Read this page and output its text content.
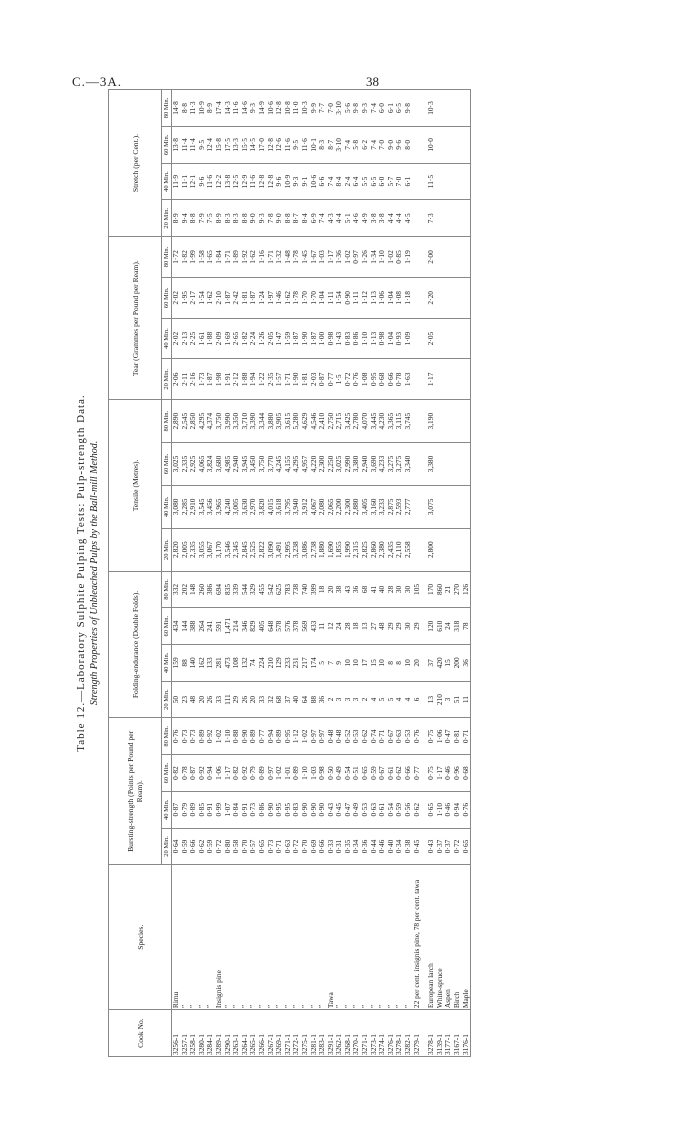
C.—3A.	38
Table 12.—Laboratory Sulphite Pulping Tests: Pulp-strength Data. Strength Properties of Unbleached Pulps by the Ball-mill Method.
Cook No.	Species.	Bursting-strength (Points per Pound per Ream).				Folding-endurance (Double Folds).				Tensile (Metres).				Tear (Grammes per Pound per Ream).				Stretch (per Cent.).			
		20 Min.	40 Min.	60 Min.	80 Min.	20 Min.	40 Min.	60 Min.	80 Min.	20 Min.	40 Min.	60 Min.	80 Min.	20 Min.	40 Min.	60 Min.	80 Min.	20 Min.	40 Min.	60 Min.	80 Min.
3256-1	Rimu	0·64	0·87	0·82	0·76	50	159	434	332	2,820	3,080	3,025	2,890	2·06	2·02	2·02	1·72	8·9	11·9	13·8	14·8
3257-1	”	0·59	0·79	0·78	0·73	23	88	144	202	2,005	2,285	2,335	2,545	2·11	2·13	1·95	1·82	9·4	11·1	11·4	8·8
3258-1	”	0·66	0·89	0·87	0·73	48	140	388	148	2,335	2,910	2,925	2,850	2·16	2·25	2·17	1·99	8·8	12·1	11·4	11·3
3280-1	”	0·62	0·85	0·92	0·89	20	162	264	260	3,055	3,545	4,065	4,295	1·73	1·61	1·54	1·58	7·9	9·6	9·5	10·9
3284-1	”	0·59	0·91	0·94	0·92	26	133	241	386	3,067	3,456	3,824	4,374	1·87	1·88	1·62	1·65	7·5	11·6	12·4	8·9
3289-1	Insignis pine	0·72	0·99	1·06	1·02	33	281	591	694	3,170	3,965	3,680	3,750	1·98	2·09	2·10	1·84	8·9	12·2	15·8	17·4
3290-1	”	0·80	1·07	1·17	1·10	111	473	1,471	835	3,546	4,240	4,985	3,990	1·91	1·69	1·87	1·71	8·3	13·8	17·5	14·3
3263-1	”	0·58	0·84	0·82	0·88	29	108	214	339	2,345	3,005	2,940	3,350	2·12	2·65	2·42	1·89	8·3	12·5	13·3	11·6
3264-1	”	0·70	0·91	0·92	0·90	26	132	346	544	2,845	3,630	3,945	3,710	1·88	1·82	1·81	1·92	8·8	12·9	15·5	14·6
3265-1	”	0·57	0·73	0·79	0·89	20	74	829	329	2,525	2,970	3,450	3,390	1·94	2·24	1·87	1·62	9·0	11·6	14·5	9·3
3266-1	”	0·65	0·86	0·89	0·77	33	224	405	455	2,822	3,820	3,750	3,344	1·22	1·26	1·24	1·16	9·3	12·8	17·0	14·9
3267-1	”	0·73	0·90	0·97	0·94	32	210	648	542	3,090	4,015	3,770	3,880	2·35	2·05	1·97	1·71	7·8	12·8	12·8	10·6
3269-1	”	0·71	0·95	1·02	0·89	68	129	578	625	3,491	3,618	4,245	3,905	1·57	1·47	1·46	1·32	9·0	9·6	12·6	12·8
3271-1	”	0·63	0·95	1·01	0·95	37	233	576	783	2,995	3,795	4,155	3,615	1·71	1·59	1·62	1·48	8·8	10·9	11·6	10·8
3272-1	”	0·72	0·83	0·89	1·12	40	231	378	738	3,238	3,940	4,295	5,280	1·90	1·87	1·78	1·78	8·7	9·3	9·5	11·0
3275-1	”	0·70	0·90	1·10	1·02	64	217	569	740	3,086	3,912	4,957	4,629	1·81	1·90	1·70	1·45	8·4	9·1	11·6	10·3
3281-1	”	0·69	0·90	1·03	0·97	88	174	433	399	2,738	4,067	4,220	4,546	2·03	1·87	1·70	1·67	6·9	10·6	10·1	9·9
3283-1	”	0·66	0·90	0·98	0·97	36	5	11	18	1,880	2,080	2,300	2,410	0·87	1·00	1·04	1·03	7·4	6·6	8·3	7·7
3291-1	Tawa	0·33	0·43	0·50	0·48	2	7	12	20	1,690	2,065	2,250	2,750	0·77	0·98	1·11	1·17	4·3	7·4	8·7	7·0
3262-1	”	0·31	0·45	0·49	0·48	3	9	24	38	1,855	2,200	3,025	2,715	1·5	1·43	1·54	1·36	4·4	8·4	3·10	3·10
3268-1	”	0·35	0·47	0·54	0·52	3	10	28	43	1,990	2,300	2,990	3,425	0·72	0·83	0·90	1·02	5·1	2·4	7·4	5·6
3270-1	”	0·34	0·49	0·51	0·53	3	10	18	36	2,315	2,880	3,380	2,780	0·76	0·86	1·11	0·97	4·6	6·4	5·8	9·8
3271-1	”	0·36	0·53	0·65	0·62	2	17	13	68	2,825	3,405	2,940	4,070	1·08	1·10	1·12	1·26	4·9	5·5	6·2	9·3
3273-1	”	0·44	0·63	0·59	0·74	4	15	27	41	2,860	3,160	3,690	3,445	0·95	1·13	1·13	1·34	3·8	6·5	7·4	7·4
3274-1	”	0·46	0·61	0·67	0·71	5	10	48	40	2,380	3,233	4,233	4,230	0·68	0·98	1·06	1·10	3·8	6·0	7·0	6·0
3276-1	”	0·40	0·54	0·61	0·67	5	8	29	28	2,435	2,875	3,275	3,365	0·66	1·04	1·04	1·02	4·4	5·7	9·0	6·1
3278-1	”	0·34	0·59	0·62	0·63	4	8	29	30	2,110	2,593	3,275	3,115	0·78	0·93	1·08	0·85	4·4	7·0	9·6	6·5
3282-1	”	0·38	0·56	0·66	0·53	4	10	30	30	2,558	2,777	3,340	3,745	1·63	1·09	1·18	1·19	4·5	6·1	8·0	9·8
3279-1	22 per cent. insignis pine, 78 per cent. tawa	0·45	0·62	0·77	0·76	6	20	29	105												

3278-1	European larch	0·43	0·65	0·75	0·75	13	37	120	170	2,800	3,075	3,380	3,190	1·17	2·05	2·20	2·00	7·3	11·5	10·0	10·3
3139-1	White-spruce	0·37	1·10	1·17	1·06	210	420	610	860												
3177-1	Aspen	0·37	0·46	0·46	0·47	3	15	24	21												
3167-1	Birch	0·72	0·94	0·96	0·81	51	200	318	270												
3176-1	Maple	0·65	0·76	0·68	0·71	11	36	78	126												
